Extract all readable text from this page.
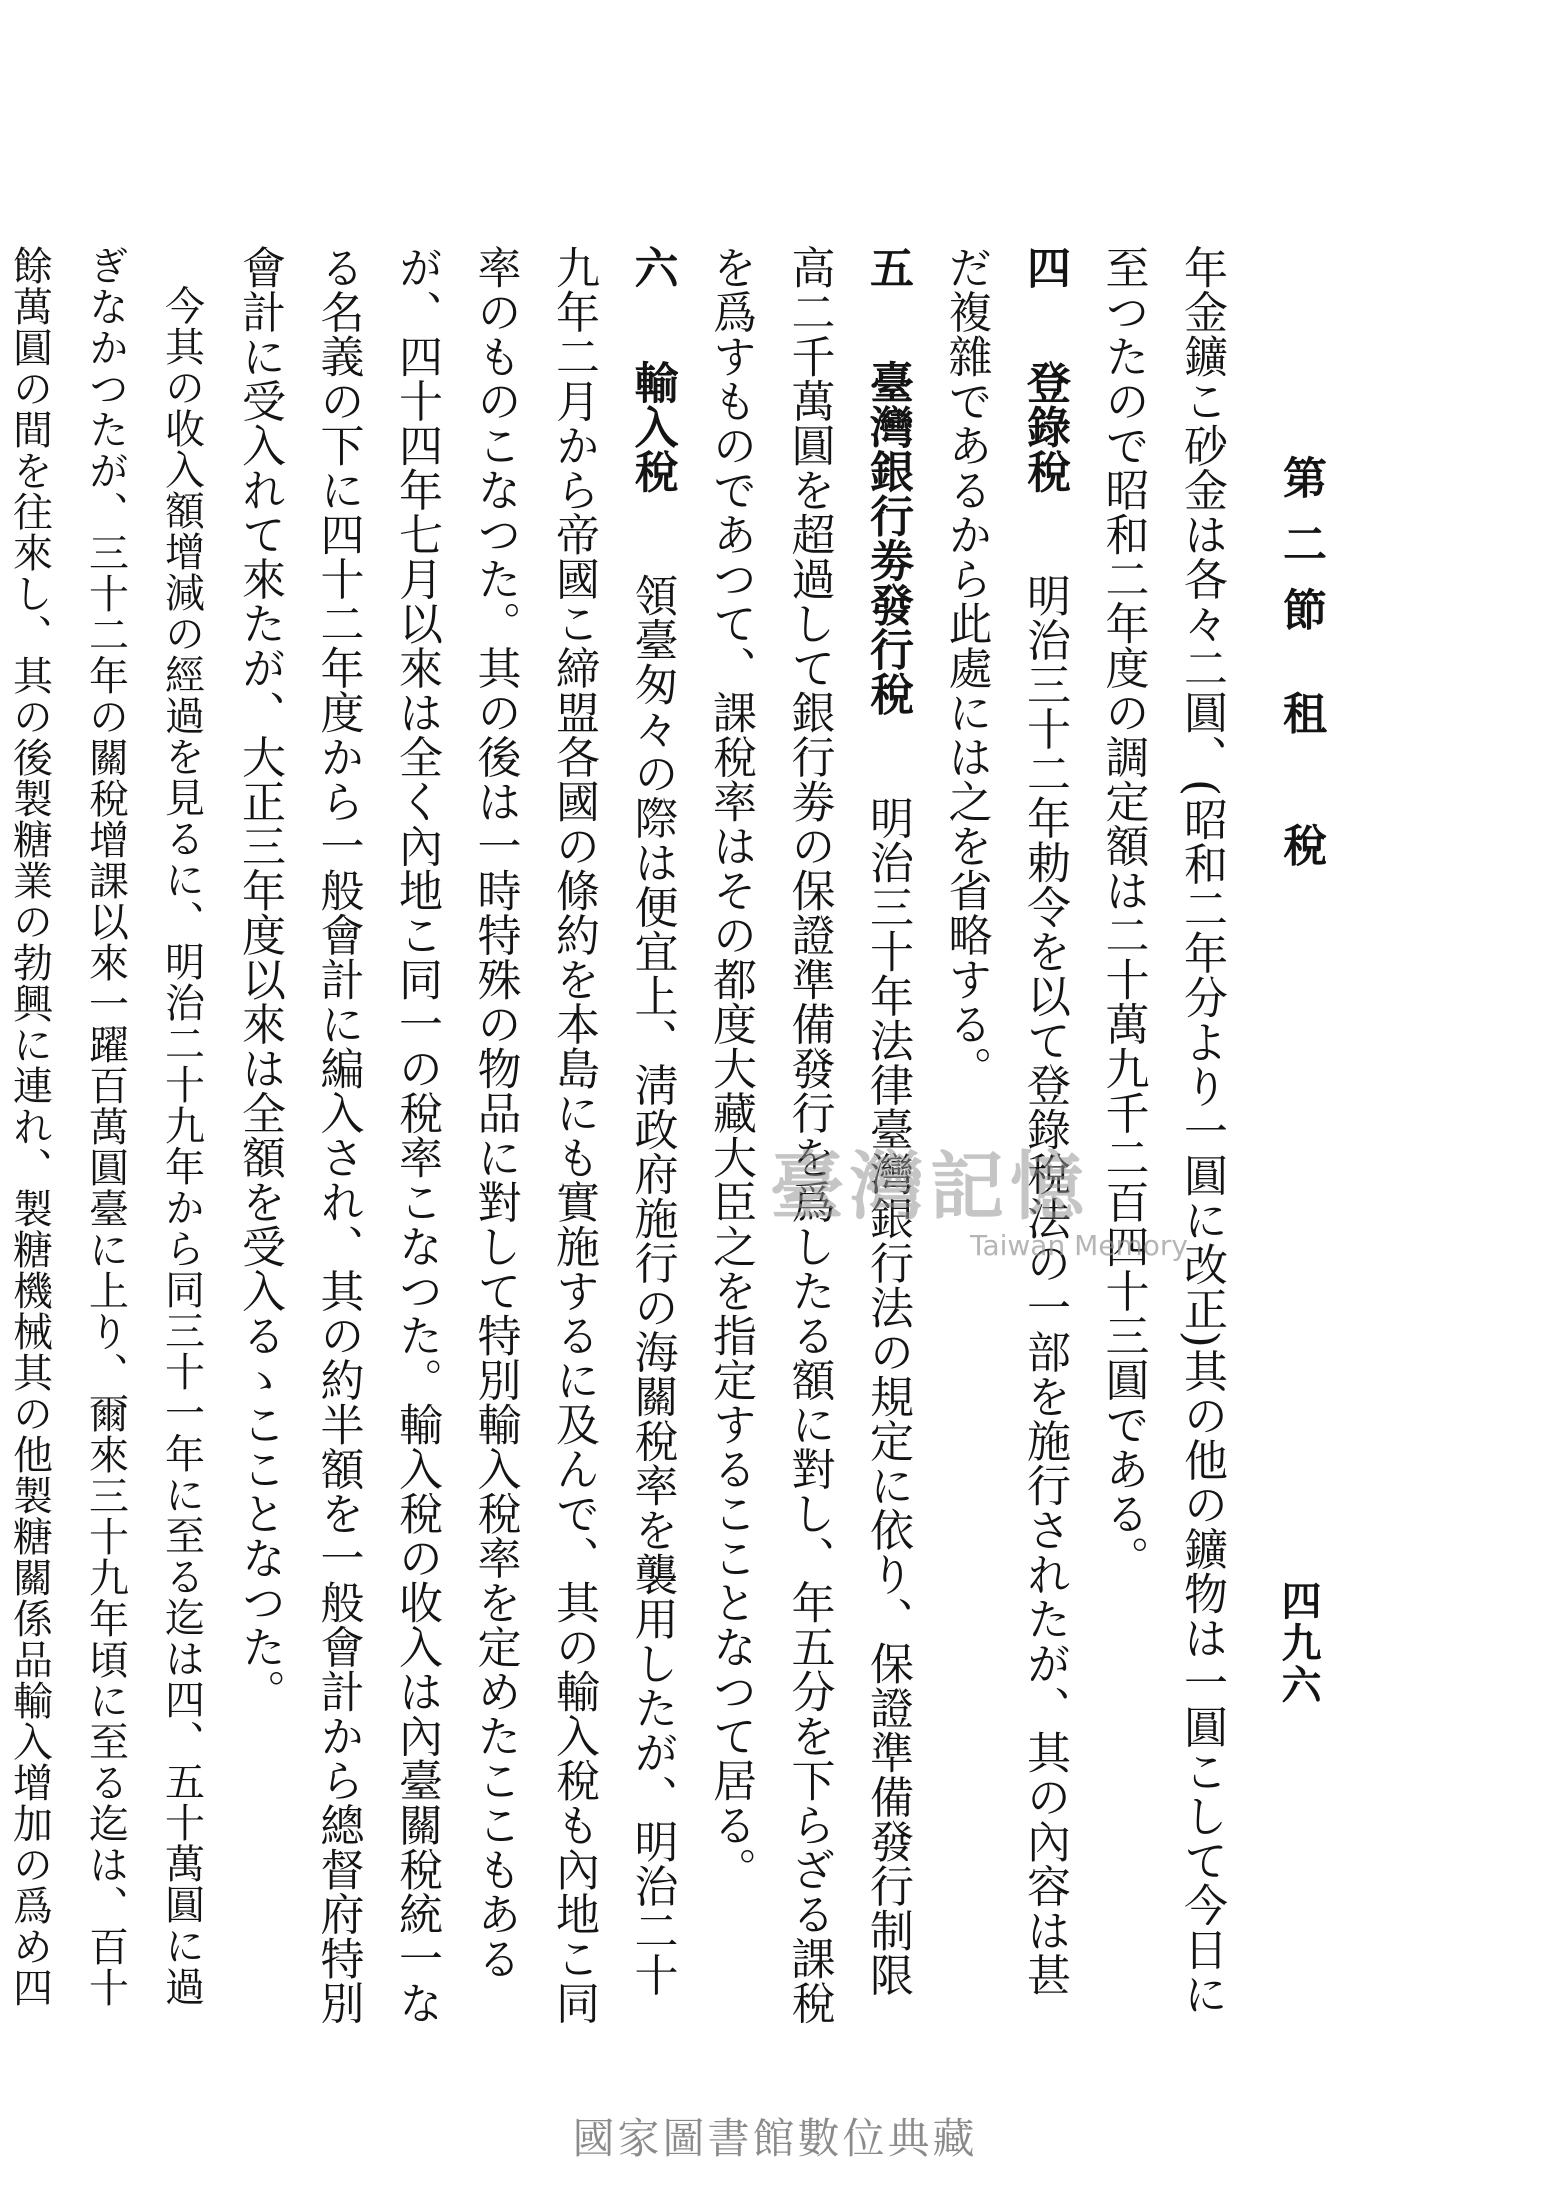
第二節 租　稅
四九六

年金鑛こ砂金は各々二圓、(昭和二年分より一圓に改正)其の他の鑛物は一圓こして今日に至つたので昭和二年度の調定額は二十萬九千二百四十三圓である。

四登錄稅明治三十二年勅令を以て登錄稅法の一部を施行されたが、其の內容は甚だ複雜であるから此處には之を省略する。

五臺灣銀行劵發行稅明治三十年法律臺灣銀行法の規定に依り、保證準備發行制限高二千萬圓を超過して銀行劵の保證準備發行を爲したる額に對し、年五分を下らざる課稅を爲すものであつて、課稅率はその都度大藏大臣之を指定するこことなつて居る。

六輸入稅領臺匆々の際は便宜上、淸政府施行の海關稅率を襲用したが、明治二十九年二月から帝國こ締盟各國の條約を本島にも實施するに及んで、其の輸入稅も內地こ同率のものこなつた。其の後は一時特殊の物品に對して特別輸入稅率を定めたここもあるが、四十四年七月以來は全く內地こ同一の稅率こなつた。輸入稅の收入は內臺關稅統一なる名義の下に四十二年度から一般會計に編入され、其の約半額を一般會計から總督府特別會計に受入れて來たが、大正三年度以來は全額を受入るゝこことなつた。

今其の收入額增減の經過を見るに、明治二十九年から同三十一年に至る迄は四、五十萬圓に過ぎなかつたが、三十二年の關稅增課以來一躍百萬圓臺に上り、爾來三十九年頃に至る迄は、百十餘萬圓の間を往來し、其の後製糖業の勃興に連れ、製糖機械其の他製糖關係品輸入增加の爲め四

臺灣記憶
Taiwan Memory
國家圖書館數位典藏
